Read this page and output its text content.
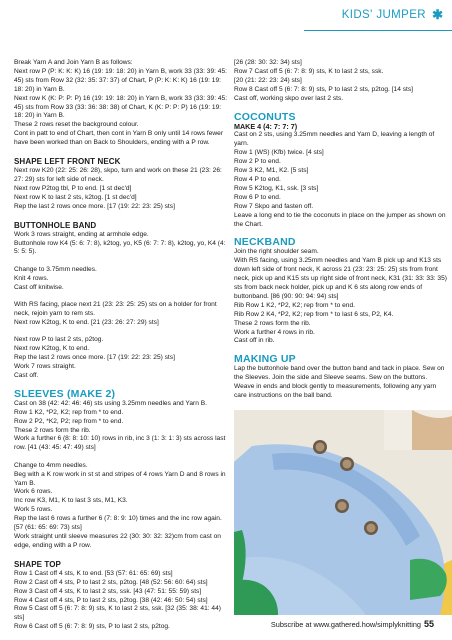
KIDS' JUMPER ✱

Break Yarn A and Join Yarn B as follows:

Next row P (P: K: K: K) 16 (19: 19: 18: 20) in Yarn B, work 33 (33: 39: 45: 45) sts from Row 32 (32: 35: 37: 37) of Chart, P (P: K: K: K) 16 (19: 19: 18: 20) in Yarn B.

Next row K (K: P: P: P) 16 (19: 19: 18: 20) in Yarn B, work 33 (33: 39: 45: 45) sts from Row 33 (33: 36: 38: 38) of Chart, K (K: P: P: P) 16 (19: 19: 18: 20) in Yarn B.

These 2 rows reset the background colour.

Cont in patt to end of Chart, then cont in Yarn B only until 14 rows fewer have been worked than on Back to Shoulders, ending with a P row.

SHAPE LEFT FRONT NECK

Next row K20 (22: 25: 26: 28), skpo, turn and work on these 21 (23: 26: 27: 29) sts for left side of neck.

Next row P2tog tbl, P to end. [1 st dec'd]

Next row K to last 2 sts, k2tog. [1 st dec'd]

Rep the last 2 rows once more. [17 (19: 22: 23: 25) sts]

BUTTONHOLE BAND

Work 3 rows straight, ending at armhole edge.

Buttonhole row K4 (5: 6: 7: 8), k2tog, yo, K5 (6: 7: 7: 8), k2tog, yo, K4 (4: 5: 5: 5).

Change to 3.75mm needles.

Knit 4 rows.

Cast off knitwise.

With RS facing, place next 21 (23: 23: 25: 25) sts on a holder for front neck, rejoin yarn to rem sts.

Next row K2tog, K to end. [21 (23: 26: 27: 29) sts]

Next row P to last 2 sts, p2tog.

Next row K2tog, K to end.

Rep the last 2 rows once more. [17 (19: 22: 23: 25) sts]

Work 7 rows straight.

Cast off.

SLEEVES (MAKE 2)

Cast on 38 (42: 42: 46: 46) sts using 3.25mm needles and Yarn B.

Row 1 K2, *P2, K2; rep from * to end.

Row 2 P2, *K2, P2; rep from * to end.

These 2 rows form the rib.

Work a further 6 (8: 8: 10: 10) rows in rib, inc 3 (1: 3: 1: 3) sts across last row. [41 (43: 45: 47: 49) sts]

Change to 4mm needles.

Beg with a K row work in st st and stripes of 4 rows Yarn D and 8 rows in Yarn B.

Work 6 rows.

Inc row K3, M1, K to last 3 sts, M1, K3.

Work 5 rows.

Rep the last 6 rows a further 6 (7: 8: 9: 10) times and the inc row again. [57 (61: 65: 69: 73) sts]

Work straight until sleeve measures 22 (30: 30: 32: 32)cm from cast on edge, ending with a P row.

SHAPE TOP

Row 1 Cast off 4 sts, K to end. [53 (57: 61: 65: 69) sts]

Row 2 Cast off 4 sts, P to last 2 sts, p2tog. [48 (52: 56: 60: 64) sts]

Row 3 Cast off 4 sts, K to last 2 sts, ssk. [43 (47: 51: 55: 59) sts]

Row 4 Cast off 4 sts, P to last 2 sts, p2tog. [38 (42: 46: 50: 54) sts]

Row 5 Cast off 5 (6: 7: 8: 9) sts, K to last 2 sts, ssk. [32 (35: 38: 41: 44) sts]

Row 6 Cast off 5 (6: 7: 8: 9) sts, P to last 2 sts, p2tog.

[26 (28: 30: 32: 34) sts]

Row 7 Cast off 5 (6: 7: 8: 9) sts, K to last 2 sts, ssk.

[20 (21: 22: 23: 24) sts]

Row 8 Cast off 5 (6: 7: 8: 9) sts, P to last 2 sts, p2tog. [14 sts]

Cast off, working skpo over last 2 sts.

COCONUTS
MAKE 4 (4: 7: 7: 7)

Cast on 2 sts, using 3.25mm needles and Yarn D, leaving a length of yarn.

Row 1 (WS) (Kfb) twice. [4 sts]

Row 2 P to end.

Row 3 K2, M1, K2. [5 sts]

Row 4 P to end.

Row 5 K2tog, K1, ssk. [3 sts]

Row 6 P to end.

Row 7 Skpo and fasten off.

Leave a long end to tie the coconuts in place on the jumper as shown on the Chart.

NECKBAND

Join the right shoulder seam.

With RS facing, using 3.25mm needles and Yarn B pick up and K13 sts down left side of front neck, K across 21 (23: 23: 25: 25) sts from front neck, pick up and K15 sts up right side of front neck, K31 (31: 33: 33: 35) sts from back neck holder, pick up and K 6 sts along row ends of buttonband. [86 (90: 90: 94: 94) sts]

Rib Row 1 K2, *P2, K2; rep from * to end.

Rib Row 2 K4, *P2, K2; rep from * to last 6 sts, P2, K4.

These 2 rows form the rib.

Work a further 4 rows in rib.

Cast off in rib.

MAKING UP

Lap the buttonhole band over the button band and tack in place. Sew on the Sleeves. Join the side and Sleeve seams. Sew on the buttons. Weave in ends and block gently to measurements, following any yarn care instructions on the ball band.

Subscribe at www.gathered.how/simplyknitting 55
